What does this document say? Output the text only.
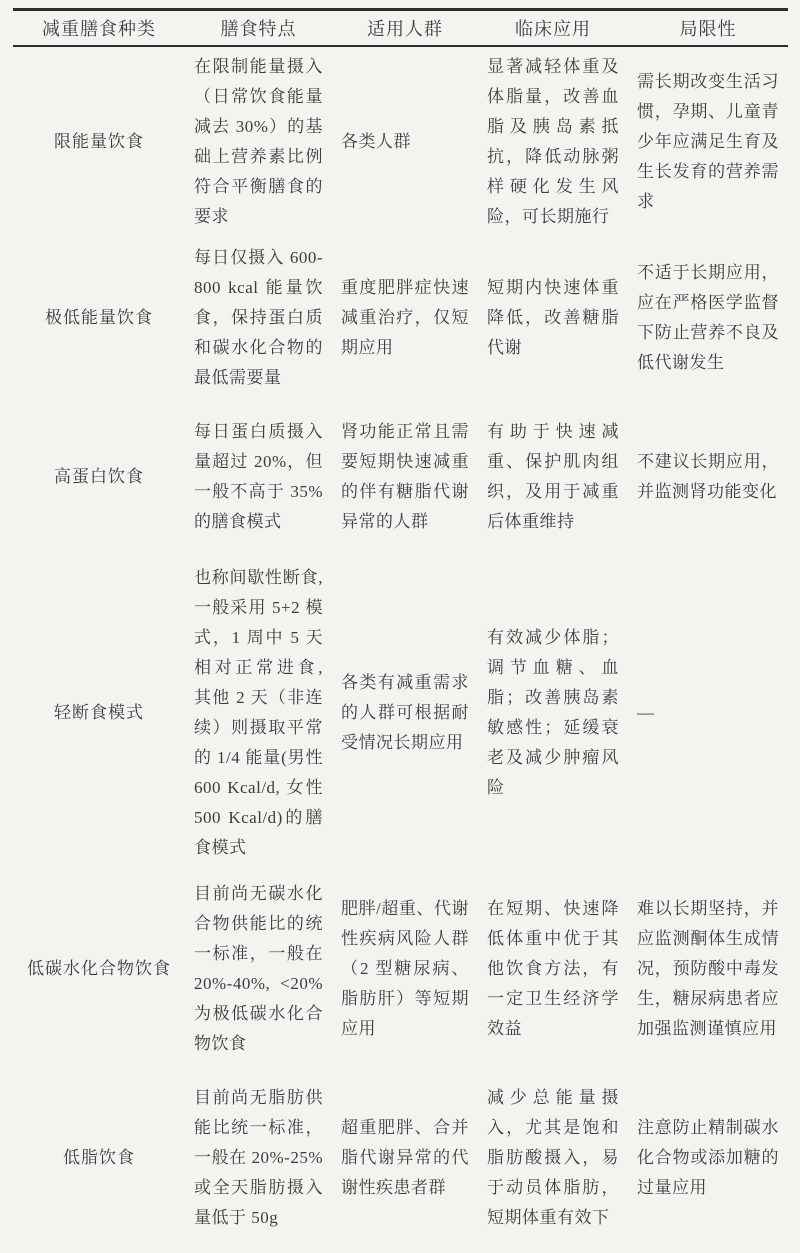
减重膳食种类	膳食特点	适用人群	临床应用	局限性
限能量饮食	在限制能量摄入（日常饮食能量减去 30%）的基础上营养素比例符合平衡膳食的要求	各类人群	显著减轻体重及体脂量，改善血脂及胰岛素抵抗，降低动脉粥样硬化发生风险，可长期施行	需长期改变生活习惯，孕期、儿童青少年应满足生育及生长发育的营养需求
极低能量饮食	每日仅摄入 600-800 kcal 能量饮食，保持蛋白质和碳水化合物的最低需要量	重度肥胖症快速减重治疗，仅短期应用	短期内快速体重降低，改善糖脂代谢	不适于长期应用，应在严格医学监督下防止营养不良及低代谢发生
高蛋白饮食	每日蛋白质摄入量超过 20%，但一般不高于 35% 的膳食模式	肾功能正常且需要短期快速减重的伴有糖脂代谢异常的人群	有助于快速减重、保护肌肉组织，及用于减重后体重维持	不建议长期应用，并监测肾功能变化
轻断食模式	也称间歇性断食, 一般采用 5+2 模式，1 周中 5 天相对正常进食, 其他 2 天（非连续）则摄取平常的 1/4 能量(男性 600 Kcal/d, 女性 500 Kcal/d)的膳食模式	各类有减重需求的人群可根据耐受情况长期应用	有效减少体脂；调节血糖、血脂；改善胰岛素敏感性；延缓衰老及减少肿瘤风险	—
低碳水化合物饮食	目前尚无碳水化合物供能比的统一标准，一般在 20%-40%, <20% 为极低碳水化合物饮食	肥胖/超重、代谢性疾病风险人群（2 型糖尿病、脂肪肝）等短期应用	在短期、快速降低体重中优于其他饮食方法，有一定卫生经济学效益	难以长期坚持，并应监测酮体生成情况，预防酸中毒发生，糖尿病患者应加强监测谨慎应用
低脂饮食	目前尚无脂肪供能比统一标准，一般在 20%-25% 或全天脂肪摄入量低于 50g	超重肥胖、合并脂代谢异常的代谢性疾患者群	减少总能量摄入，尤其是饱和脂肪酸摄入，易于动员体脂肪，短期体重有效下	注意防止精制碳水化合物或添加糖的过量应用
